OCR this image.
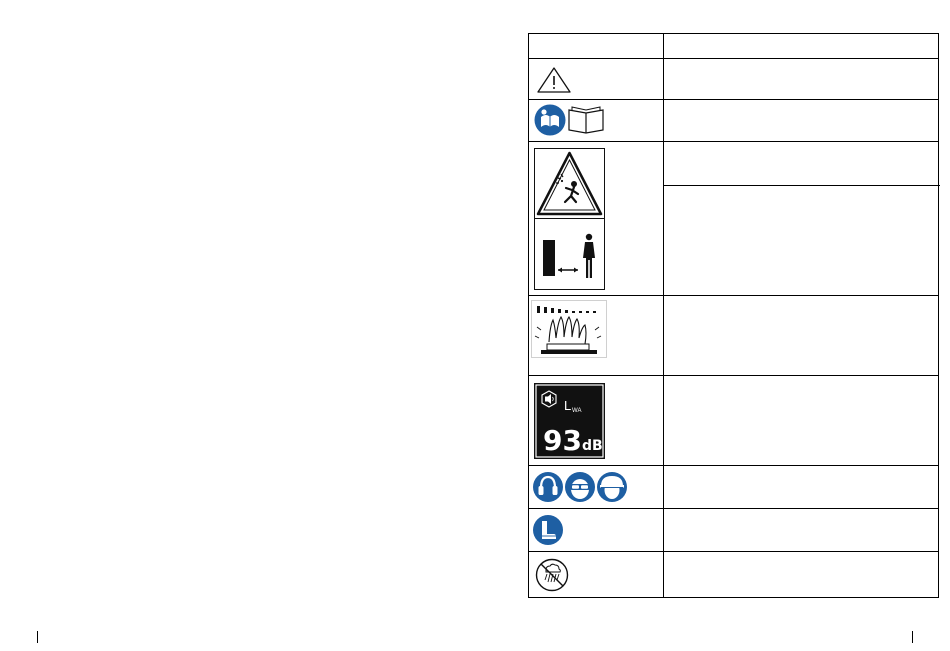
L WA
93 dB
